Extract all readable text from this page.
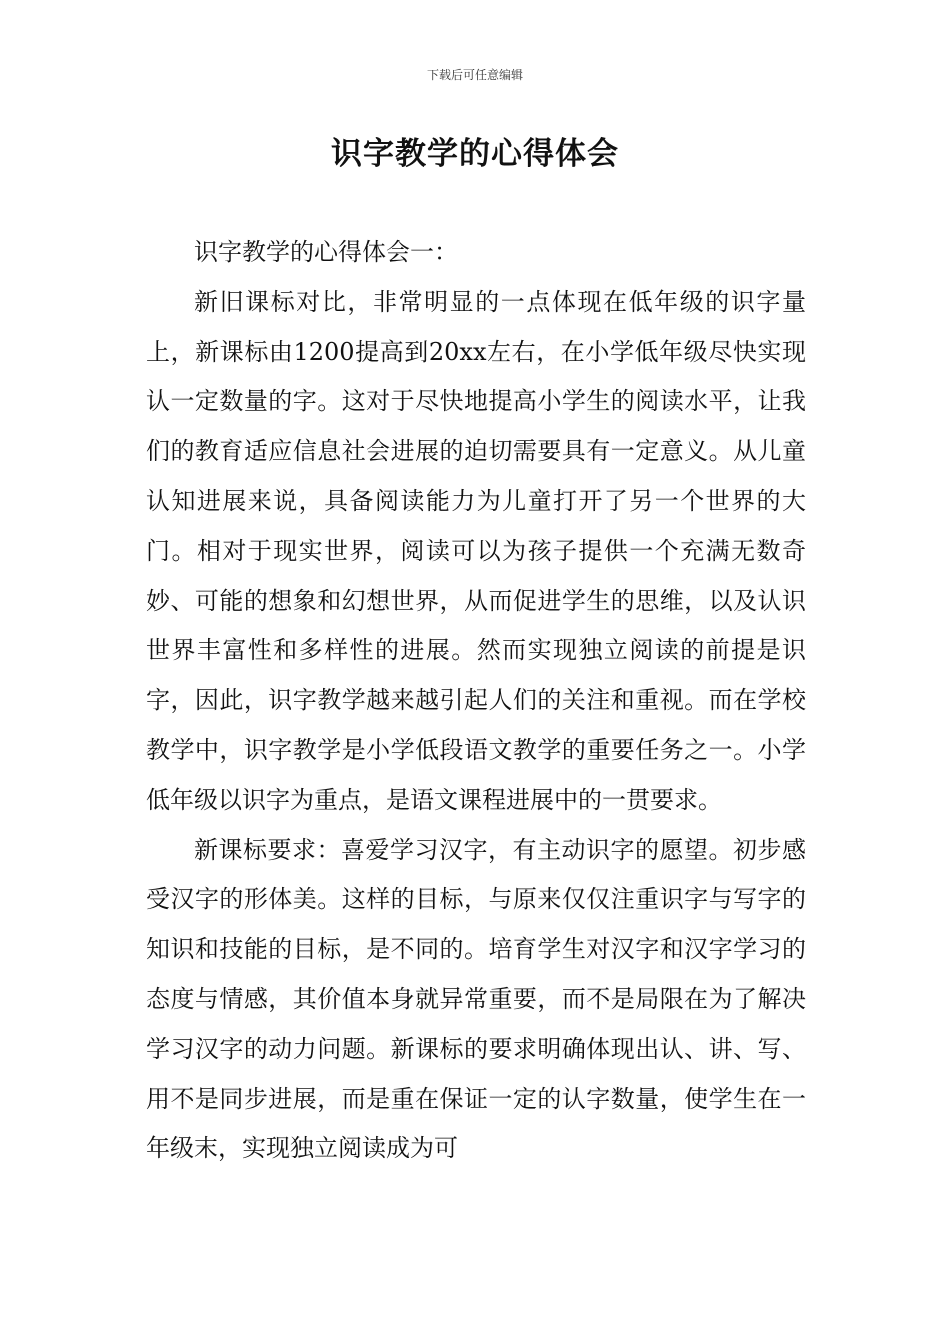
下载后可任意编辑
识字教学的心得体会

识字教学的心得体会一：

新旧课标对比，非常明显的一点体现在低年级的识字量上，新课标由1200提高到20xx左右，在小学低年级尽快实现认一定数量的字。这对于尽快地提高小学生的阅读水平，让我们的教育适应信息社会进展的迫切需要具有一定意义。从儿童认知进展来说，具备阅读能力为儿童打开了另一个世界的大门。相对于现实世界，阅读可以为孩子提供一个充满无数奇妙、可能的想象和幻想世界，从而促进学生的思维，以及认识世界丰富性和多样性的进展。然而实现独立阅读的前提是识字，因此，识字教学越来越引起人们的关注和重视。而在学校教学中，识字教学是小学低段语文教学的重要任务之一。小学低年级以识字为重点，是语文课程进展中的一贯要求。

新课标要求：喜爱学习汉字，有主动识字的愿望。初步感受汉字的形体美。这样的目标，与原来仅仅注重识字与写字的知识和技能的目标，是不同的。培育学生对汉字和汉字学习的态度与情感，其价值本身就异常重要，而不是局限在为了解决学习汉字的动力问题。新课标的要求明确体现出认、讲、写、用不是同步进展，而是重在保证一定的认字数量，使学生在一年级末，实现独立阅读成为可
